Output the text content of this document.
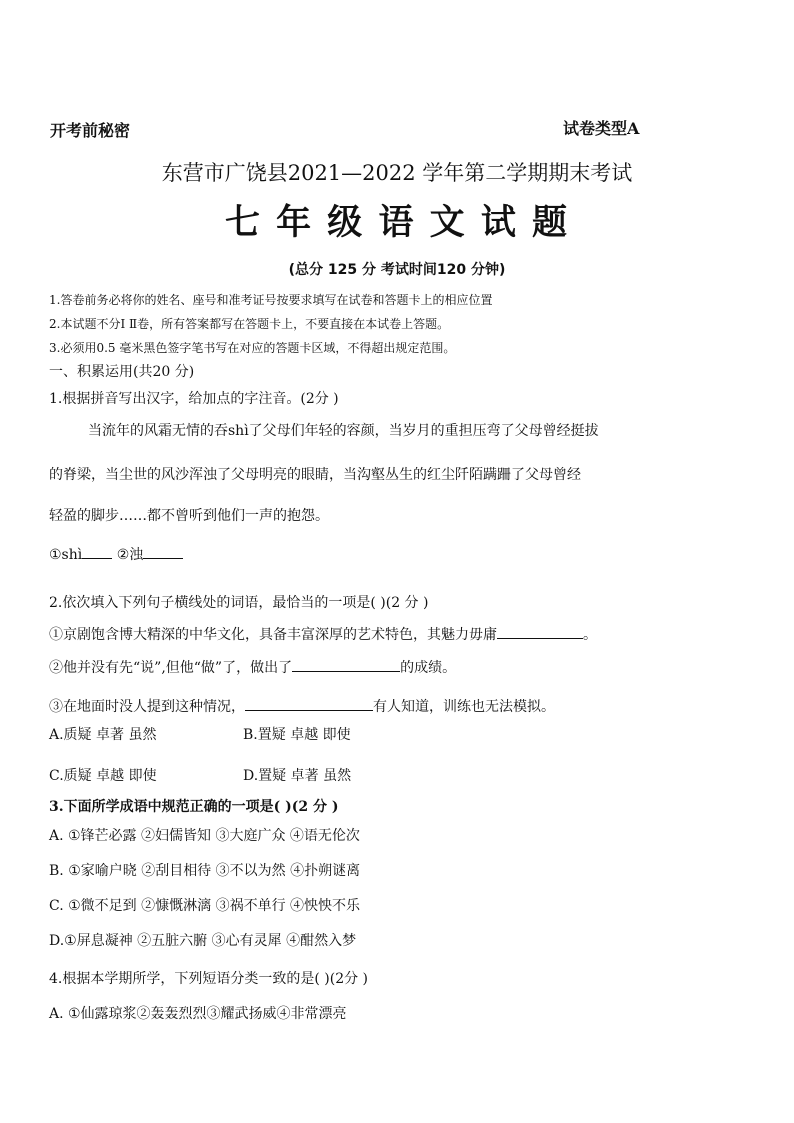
开考前秘密	试卷类型A
东营市广饶县2021—2022 学年第二学期期末考试
七 年 级 语 文 试 题
(总分 125 分 考试时间120 分钟)
1.答卷前务必将你的姓名、座号和准考证号按要求填写在试卷和答题卡上的相应位置
2.本试题不分Ⅰ Ⅱ卷，所有答案都写在答题卡上，不要直接在本试卷上答题。
3.必须用0.5 毫米黑色签字笔书写在对应的答题卡区域，不得超出规定范围。
一、积累运用(共20 分)
1.根据拼音写出汉字，给加点的字注音。(2分 )
当流年的风霜无情的吞shì了父母们年轻的容颜，当岁月的重担压弯了父母曾经挺拔
的脊梁，当尘世的风沙浑浊了父母明亮的眼睛，当沟壑丛生的红尘阡陌蹒跚了父母曾经
轻盈的脚步……都不曾听到他们一声的抱怨。
①shì ②浊
2.依次填入下列句子横线处的词语，最恰当的一项是( )(2 分 )
①京剧饱含博大精深的中华文化，具备丰富深厚的艺术特色，其魅力毋庸	。
②他并没有先“说”,但他“做”了，做出了	的成绩。
③在地面时没人提到这种情况，	有人知道，训练也无法模拟。
A.质疑 卓著 虽然	B.置疑 卓越 即使
C.质疑 卓越 即使	D.置疑 卓著 虽然
3.下面所学成语中规范正确的一项是( )(2 分 )
A. ①锋芒必露 ②妇儒皆知 ③大庭广众 ④语无伦次
B. ①家喻户晓 ②刮目相待 ③不以为然 ④扑朔谜离
C. ①微不足到 ②慷慨淋漓 ③祸不单行 ④怏怏不乐
D.①屏息凝神 ②五脏六腑 ③心有灵犀 ④酣然入梦
4.根据本学期所学，下列短语分类一致的是( )(2分 )
A. ①仙露琼浆②轰轰烈烈③耀武扬威④非常漂亮
